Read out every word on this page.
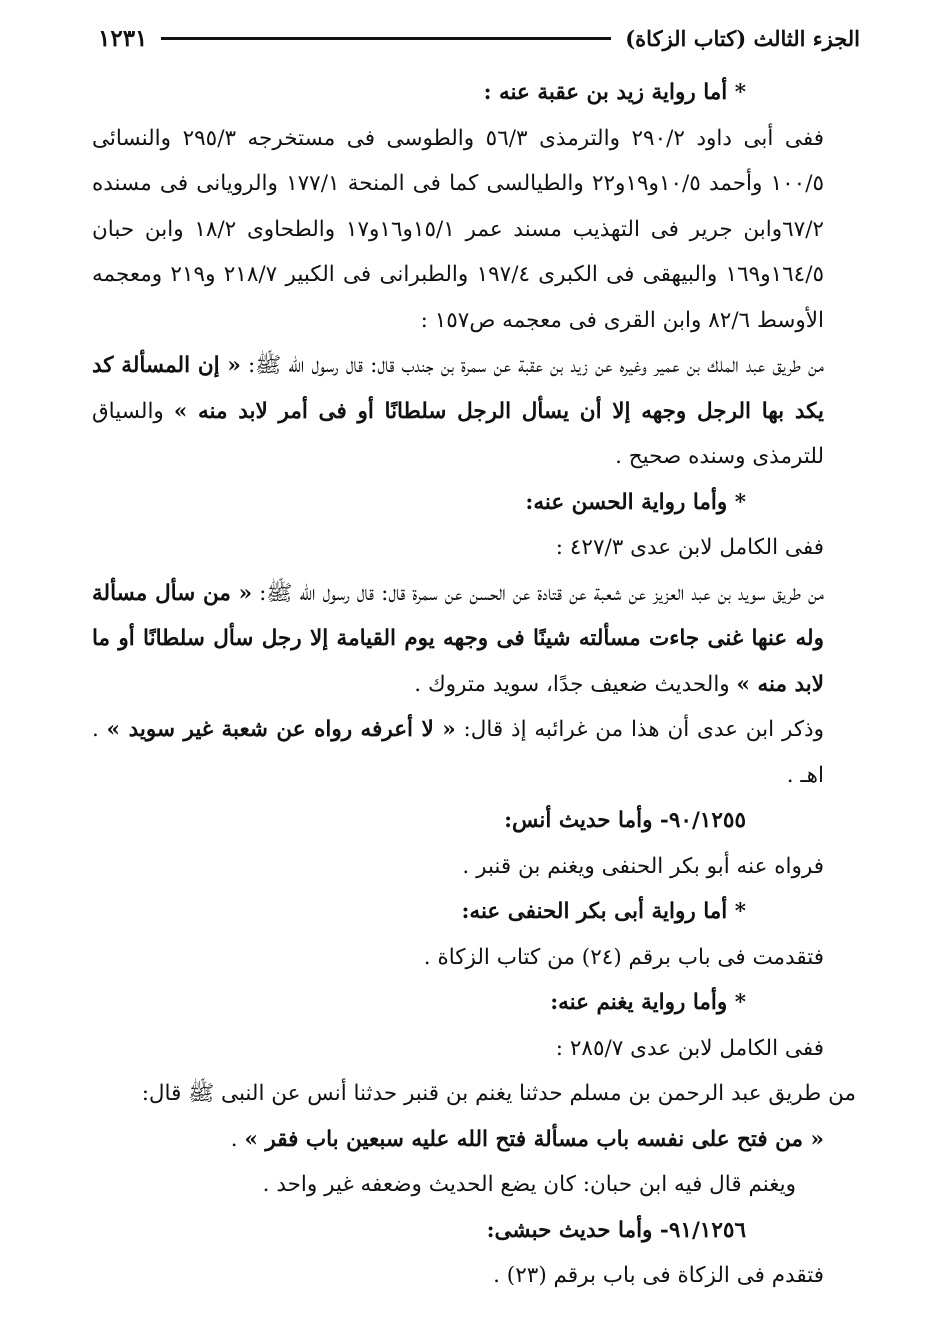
الجزء الثالث (كتاب الزكاة)
١٢٣١

* أما رواية زيد بن عقبة عنه :

ففى أبى داود ٢٩٠/٢ والترمذى ٥٦/٣ والطوسى فى مستخرجه ٢٩٥/٣ والنسائى ١٠٠/٥ وأحمد ١٠/٥و١٩و٢٢ والطيالسى كما فى المنحة ١٧٧/١ والرويانى فى مسنده ٦٧/٢وابن جرير فى التهذيب مسند عمر ١٥/١و١٦و١٧ والطحاوى ١٨/٢ وابن حبان ١٦٤/٥و١٦٩ والبيهقى فى الكبرى ١٩٧/٤ والطبرانى فى الكبير ٢١٨/٧ و٢١٩ ومعجمه الأوسط ٨٢/٦ وابن القرى فى معجمه ص١٥٧ :

من طريق عبد الملك بن عمير وغيره عن زيد بن عقبة عن سمرة بن جندب قال: قال رسول الله ﷺ: « إن المسألة كد يكد بها الرجل وجهه إلا أن يسأل الرجل سلطانًا أو فى أمر لابد منه » والسياق للترمذى وسنده صحيح .

* وأما رواية الحسن عنه:

ففى الكامل لابن عدى ٤٢٧/٣ :

من طريق سويد بن عبد العزيز عن شعبة عن قتادة عن الحسن عن سمرة قال: قال رسول الله ﷺ: « من سأل مسألة وله عنها غنى جاءت مسألته شينًا فى وجهه يوم القيامة إلا رجل سأل سلطانًا أو ما لابد منه » والحديث ضعيف جدًا، سويد متروك .

وذكر ابن عدى أن هذا من غرائبه إذ قال: « لا أعرفه رواه عن شعبة غير سويد » . اهـ .

٩٠/١٢٥٥- وأما حديث أنس:

فرواه عنه أبو بكر الحنفى ويغنم بن قنبر .

* أما رواية أبى بكر الحنفى عنه:

فتقدمت فى باب برقم (٢٤) من كتاب الزكاة .

* وأما رواية يغنم عنه:

ففى الكامل لابن عدى ٢٨٥/٧ :

من طريق عبد الرحمن بن مسلم حدثنا يغنم بن قنبر حدثنا أنس عن النبى ﷺ قال:

« من فتح على نفسه باب مسألة فتح الله عليه سبعين باب فقر » .

ويغنم قال فيه ابن حبان: كان يضع الحديث وضعفه غير واحد .

٩١/١٢٥٦- وأما حديث حبشى:

فتقدم فى الزكاة فى باب برقم (٢٣) .
